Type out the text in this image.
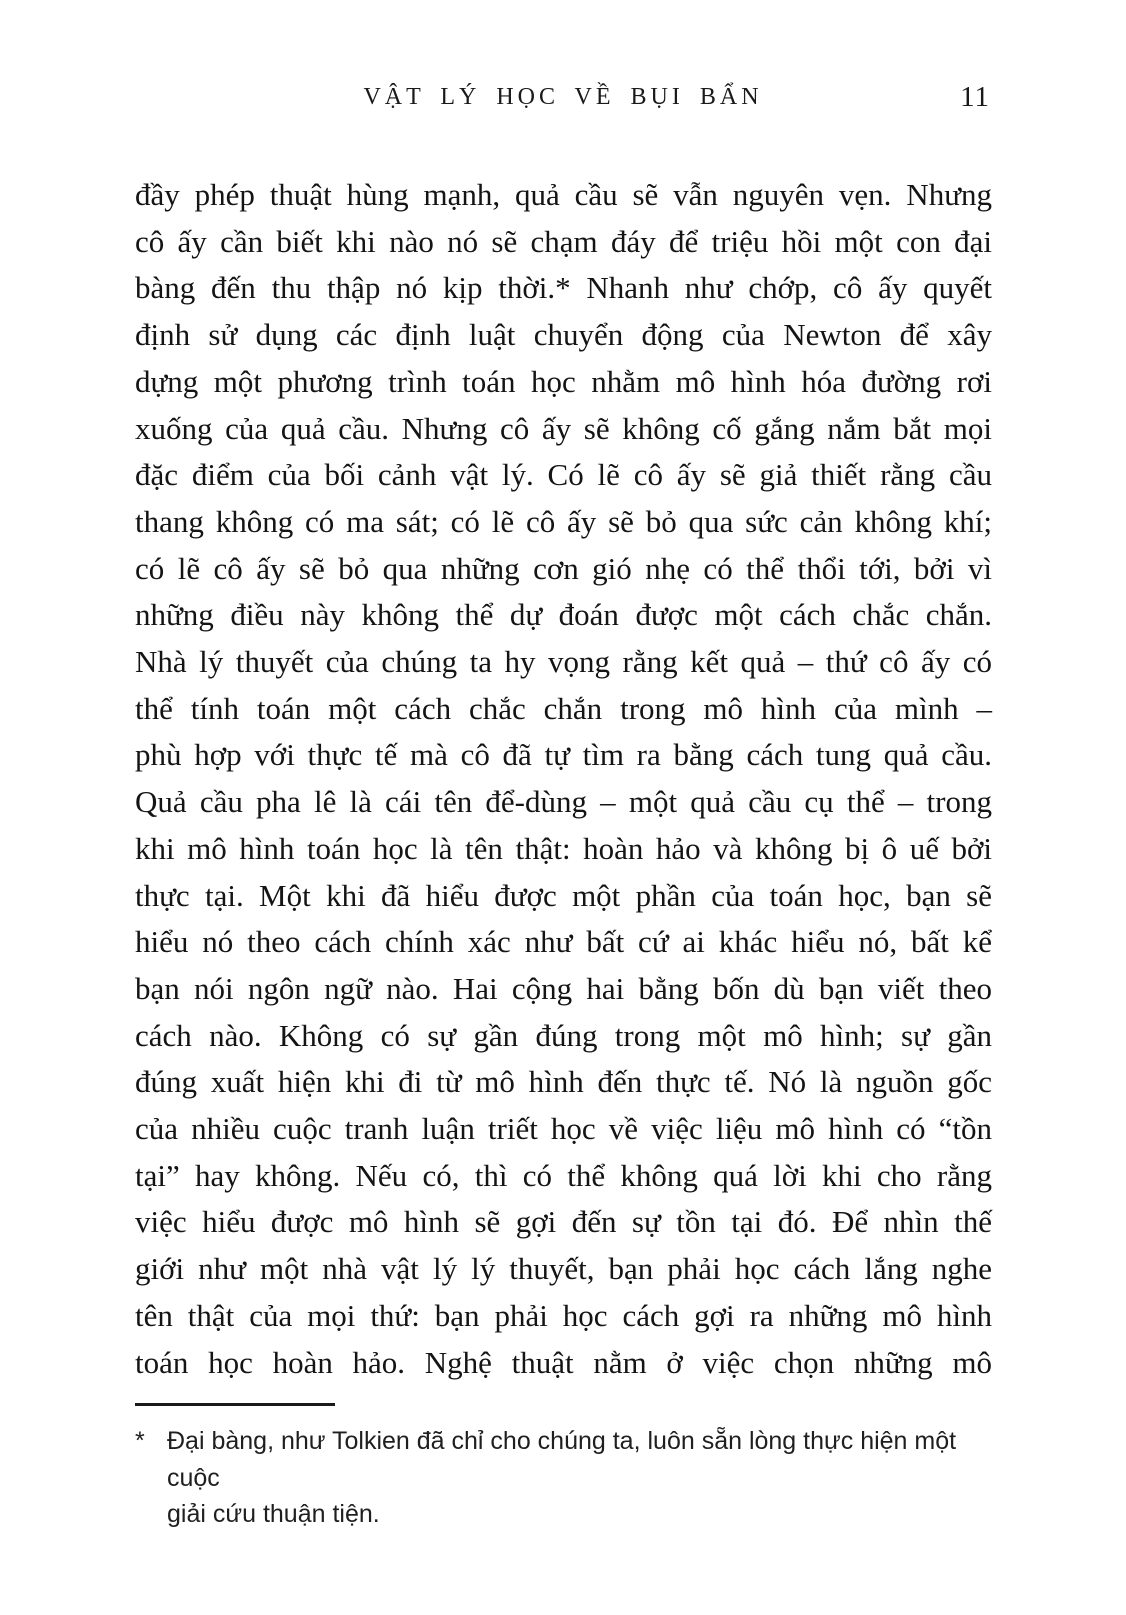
VẬT LÝ HỌC VỀ BỤI BẨN	11
đầy phép thuật hùng mạnh, quả cầu sẽ vẫn nguyên vẹn. Nhưng
cô ấy cần biết khi nào nó sẽ chạm đáy để triệu hồi một con đại
bàng đến thu thập nó kịp thời.* Nhanh như chớp, cô ấy quyết
định sử dụng các định luật chuyển động của Newton để xây
dựng một phương trình toán học nhằm mô hình hóa đường rơi
xuống của quả cầu. Nhưng cô ấy sẽ không cố gắng nắm bắt mọi
đặc điểm của bối cảnh vật lý. Có lẽ cô ấy sẽ giả thiết rằng cầu
thang không có ma sát; có lẽ cô ấy sẽ bỏ qua sức cản không khí;
có lẽ cô ấy sẽ bỏ qua những cơn gió nhẹ có thể thổi tới, bởi vì
những điều này không thể dự đoán được một cách chắc chắn.
Nhà lý thuyết của chúng ta hy vọng rằng kết quả – thứ cô ấy có
thể tính toán một cách chắc chắn trong mô hình của mình –
phù hợp với thực tế mà cô đã tự tìm ra bằng cách tung quả cầu.
Quả cầu pha lê là cái tên để-dùng – một quả cầu cụ thể – trong
khi mô hình toán học là tên thật: hoàn hảo và không bị ô uế bởi
thực tại. Một khi đã hiểu được một phần của toán học, bạn sẽ
hiểu nó theo cách chính xác như bất cứ ai khác hiểu nó, bất kể
bạn nói ngôn ngữ nào. Hai cộng hai bằng bốn dù bạn viết theo
cách nào. Không có sự gần đúng trong một mô hình; sự gần
đúng xuất hiện khi đi từ mô hình đến thực tế. Nó là nguồn gốc
của nhiều cuộc tranh luận triết học về việc liệu mô hình có “tồn
tại” hay không. Nếu có, thì có thể không quá lời khi cho rằng
việc hiểu được mô hình sẽ gợi đến sự tồn tại đó. Để nhìn thế
giới như một nhà vật lý lý thuyết, bạn phải học cách lắng nghe
tên thật của mọi thứ: bạn phải học cách gợi ra những mô hình
toán học hoàn hảo. Nghệ thuật nằm ở việc chọn những mô
* Đại bàng, như Tolkien đã chỉ cho chúng ta, luôn sẵn lòng thực hiện một cuộc
giải cứu thuận tiện.
